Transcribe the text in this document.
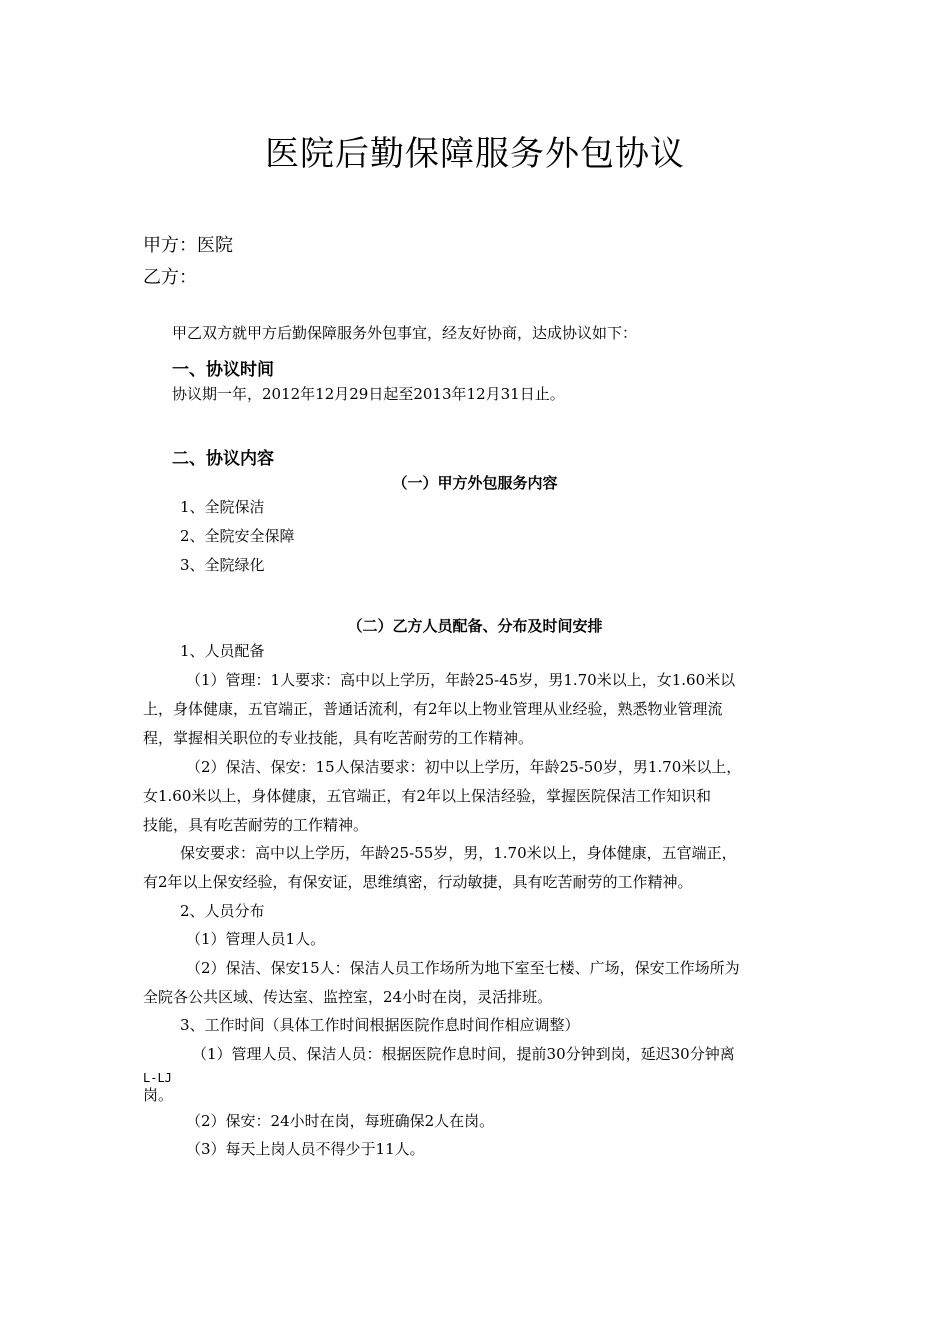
医院后勤保障服务外包协议
甲方：医院
乙方：
甲乙双方就甲方后勤保障服务外包事宜，经友好协商，达成协议如下：
一、协议时间
协议期一年，2012年12月29日起至2013年12月31日止。
二、协议内容
（一）甲方外包服务内容
1、全院保洁
2、全院安全保障
3、全院绿化
（二）乙方人员配备、分布及时间安排
1、人员配备
（1）管理：1人要求：高中以上学历，年龄25-45岁，男1.70米以上，女1.60米以
上，身体健康，五官端正，普通话流利，有2年以上物业管理从业经验，熟悉物业管理流
程，掌握相关职位的专业技能，具有吃苦耐劳的工作精神。
（2）保洁、保安：15人保洁要求：初中以上学历，年龄25-50岁，男1.70米以上，
女1.60米以上，身体健康，五官端正，有2年以上保洁经验，掌握医院保洁工作知识和
技能，具有吃苦耐劳的工作精神。
保安要求：高中以上学历，年龄25-55岁，男，1.70米以上，身体健康，五官端正，
有2年以上保安经验，有保安证，思维缜密，行动敏捷，具有吃苦耐劳的工作精神。
2、人员分布
（1）管理人员1人。
（2）保洁、保安15人：保洁人员工作场所为地下室至七楼、广场，保安工作场所为
全院各公共区域、传达室、监控室，24小时在岗，灵活排班。
3、工作时间（具体工作时间根据医院作息时间作相应调整）
（1）管理人员、保洁人员：根据医院作息时间，提前30分钟到岗，延迟30分钟离
L-LJ
岗。
（2）保安：24小时在岗，每班确保2人在岗。
（3）每天上岗人员不得少于11人。
